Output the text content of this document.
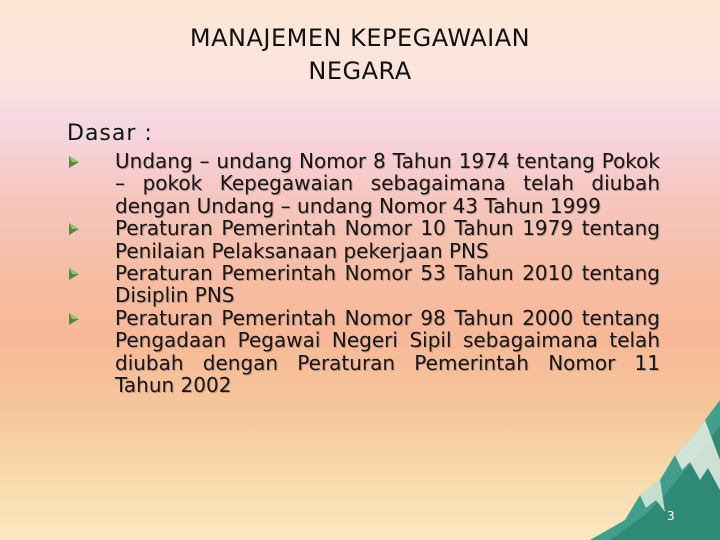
MANAJEMEN KEPEGAWAIAN
NEGARA
Dasar :
Undang – undang Nomor 8 Tahun 1974 tentang Pokok – pokok Kepegawaian sebagaimana telah diubah dengan Undang – undang Nomor 43 Tahun 1999
Peraturan Pemerintah Nomor 10 Tahun 1979 tentang Penilaian Pelaksanaan pekerjaan PNS
Peraturan Pemerintah Nomor 53 Tahun 2010 tentang Disiplin PNS
Peraturan Pemerintah Nomor 98 Tahun 2000 tentang Pengadaan Pegawai Negeri Sipil sebagaimana telah diubah dengan Peraturan Pemerintah Nomor 11 Tahun 2002
3
